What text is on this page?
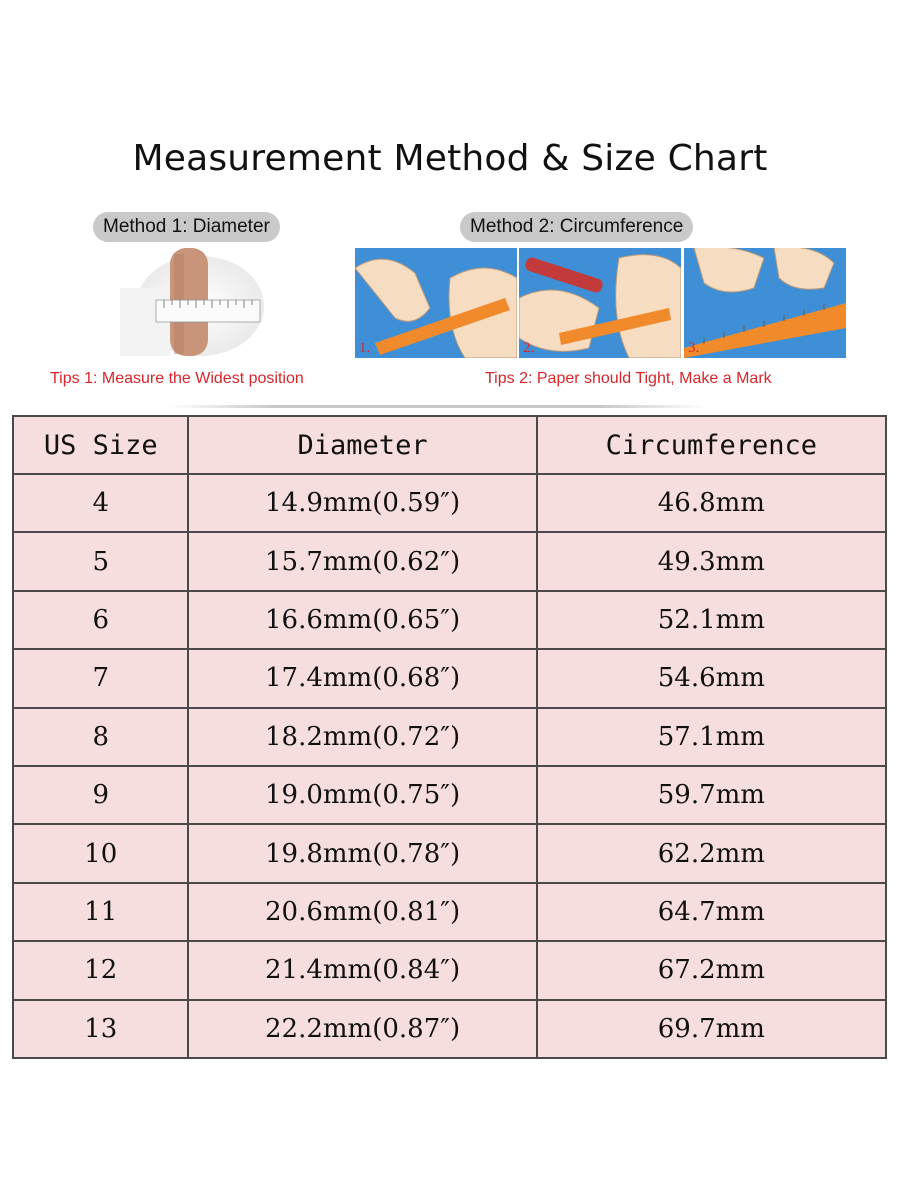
Measurement Method & Size Chart
Method 1: Diameter	Method 2: Circumference
1.	2.	3.
Tips 1: Measure the Widest position	Tips 2: Paper should Tight, Make a Mark
US Size	Diameter	Circumference
4	14.9mm(0.59″)	46.8mm
5	15.7mm(0.62″)	49.3mm
6	16.6mm(0.65″)	52.1mm
7	17.4mm(0.68″)	54.6mm
8	18.2mm(0.72″)	57.1mm
9	19.0mm(0.75″)	59.7mm
10	19.8mm(0.78″)	62.2mm
11	20.6mm(0.81″)	64.7mm
12	21.4mm(0.84″)	67.2mm
13	22.2mm(0.87″)	69.7mm
